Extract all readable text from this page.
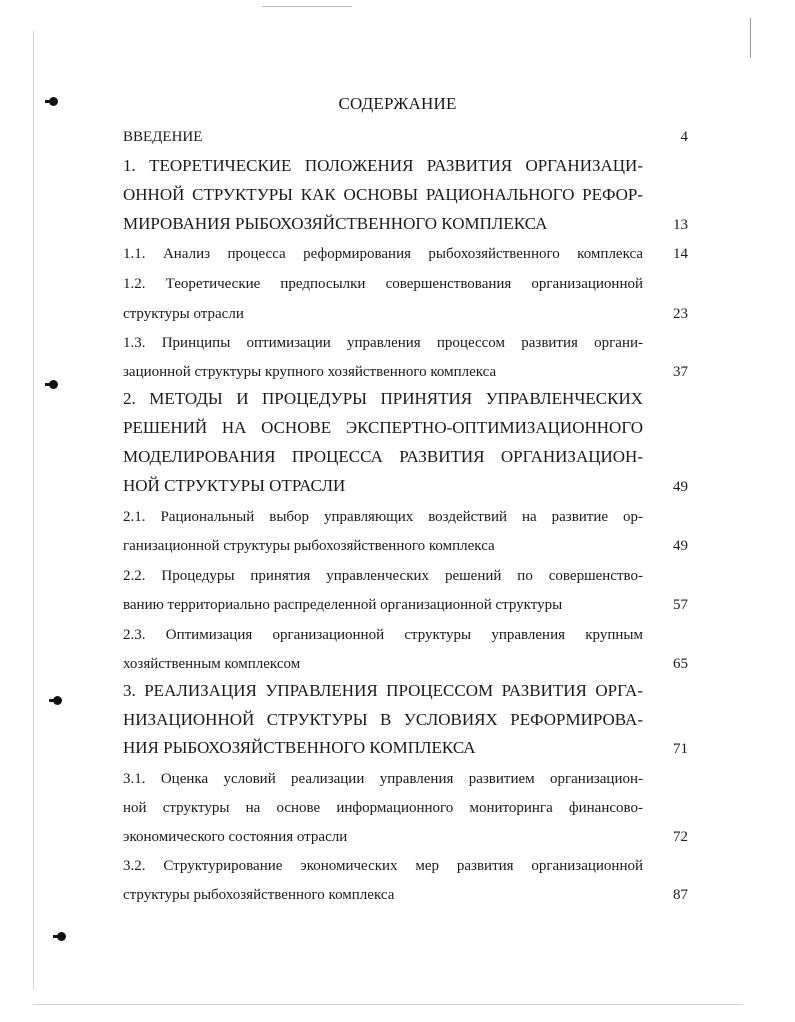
СОДЕРЖАНИЕ
ВВЕДЕНИЕ	4
1. ТЕОРЕТИЧЕСКИЕ ПОЛОЖЕНИЯ РАЗВИТИЯ ОРГАНИЗАЦИ-
ОННОЙ СТРУКТУРЫ КАК ОСНОВЫ РАЦИОНАЛЬНОГО РЕФОР-
МИРОВАНИЯ РЫБОХОЗЯЙСТВЕННОГО КОМПЛЕКСА	13
1.1. Анализ процесса реформирования рыбохозяйственного комплекса	14
1.2. Теоретические предпосылки совершенствования организационной
структуры отрасли	23
1.3. Принципы оптимизации управления процессом развития органи-
зационной структуры крупного хозяйственного комплекса	37
2. МЕТОДЫ И ПРОЦЕДУРЫ ПРИНЯТИЯ УПРАВЛЕНЧЕСКИХ
РЕШЕНИЙ НА ОСНОВЕ ЭКСПЕРТНО-ОПТИМИЗАЦИОННОГО
МОДЕЛИРОВАНИЯ ПРОЦЕССА РАЗВИТИЯ ОРГАНИЗАЦИОН-
НОЙ СТРУКТУРЫ ОТРАСЛИ	49
2.1. Рациональный выбор управляющих воздействий на развитие ор-
ганизационной структуры рыбохозяйственного комплекса	49
2.2. Процедуры принятия управленческих решений по совершенство-
ванию территориально распределенной организационной структуры	57
2.3. Оптимизация организационной структуры управления крупным
хозяйственным комплексом	65
3. РЕАЛИЗАЦИЯ УПРАВЛЕНИЯ ПРОЦЕССОМ РАЗВИТИЯ ОРГА-
НИЗАЦИОННОЙ СТРУКТУРЫ В УСЛОВИЯХ РЕФОРМИРОВА-
НИЯ РЫБОХОЗЯЙСТВЕННОГО КОМПЛЕКСА	71
3.1. Оценка условий реализации управления развитием организацион-
ной структуры на основе информационного мониторинга финансово-
экономического состояния отрасли	72
3.2. Структурирование экономических мер развития организационной
структуры рыбохозяйственного комплекса	87
